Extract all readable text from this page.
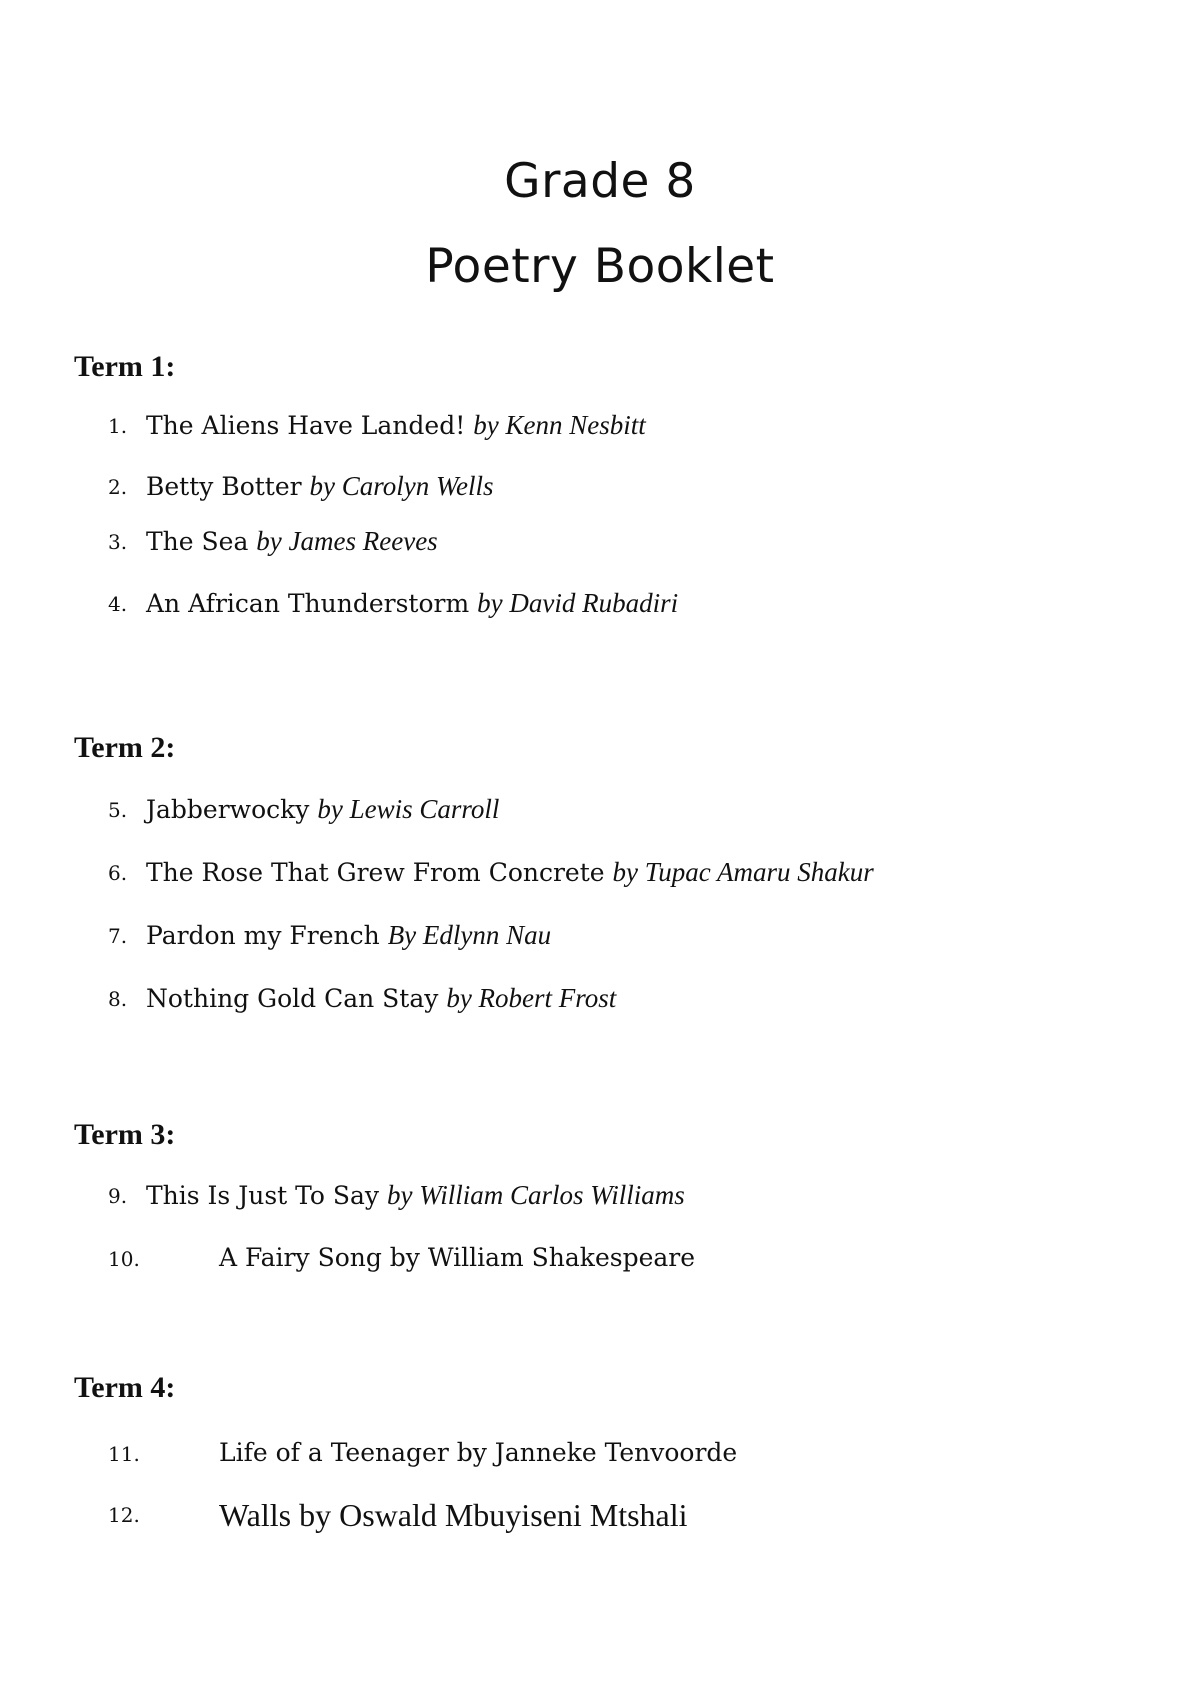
Grade 8
Poetry Booklet
Term 1:
1. The Aliens Have Landed! by Kenn Nesbitt
2. Betty Botter by Carolyn Wells
3. The Sea by James Reeves
4. An African Thunderstorm by David Rubadiri
Term 2:
5. Jabberwocky by Lewis Carroll
6. The Rose That Grew From Concrete by Tupac Amaru Shakur
7. Pardon my French By Edlynn Nau
8. Nothing Gold Can Stay by Robert Frost
Term 3:
9. This Is Just To Say by William Carlos Williams
10.	A Fairy Song by William Shakespeare
Term 4:
11.	Life of a Teenager by Janneke Tenvoorde
12. Walls by Oswald Mbuyiseni Mtshali
